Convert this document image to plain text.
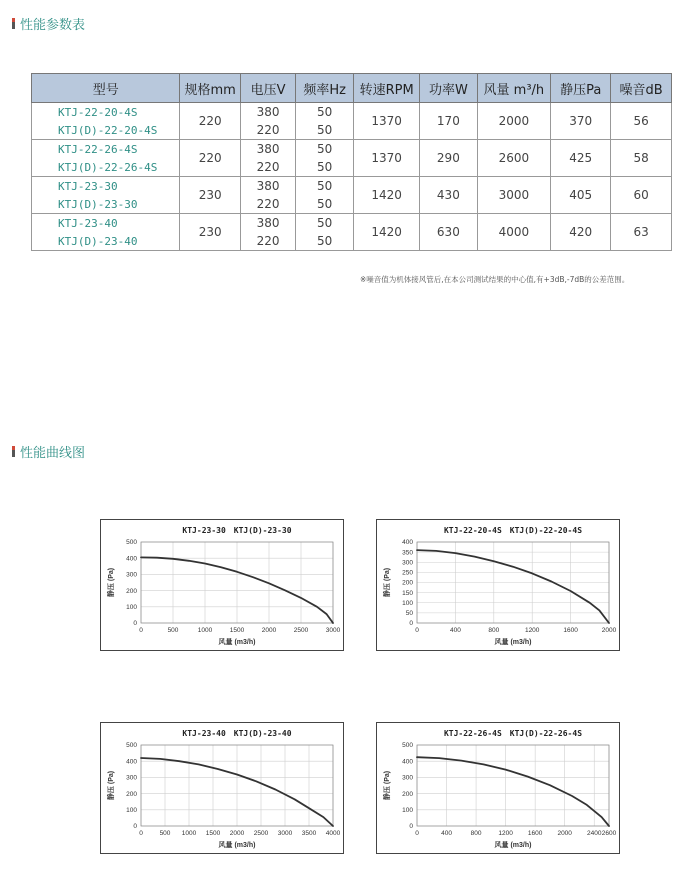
性能参数表
型号	规格mm	电压V	频率Hz	转速RPM	功率W	风量 m³/h	静压Pa	噪音dB
KTJ-22-20-4S	220	380	50	1370	170	2000	370	56
KTJ(D)-22-20-4S		220	50					
KTJ-22-26-4S	220	380	50	1370	290	2600	425	58
KTJ(D)-22-26-4S		220	50					
KTJ-23-30	230	380	50	1420	430	3000	405	60
KTJ(D)-23-30		220	50					
KTJ-23-40	230	380	50	1420	630	4000	420	63
KTJ(D)-23-40		220	50					
※噪音值为机体接风管后,在本公司测试结果的中心值,有+3dB,-7dB的公差范围。
性能曲线图
KTJ-23-30　KTJ(D)-23-30
0
100
200
300
400
500
0	500	1000	1500	2000	2500	3000
风量 (m3/h)
静压 (Pa)
KTJ-22-20-4S　KTJ(D)-22-20-4S
0
50
100
150
200
250
300
350
400
0	400	800	1200	1600	2000
风量 (m3/h)
静压 (Pa)
KTJ-23-40　KTJ(D)-23-40
0
100
200
300
400
500
0	500 1000 1500 2000 2500 3000 3500 4000
风量 (m3/h)
静压 (Pa)
KTJ-22-26-4S　KTJ(D)-22-26-4S
0
100
200
300
400
500
0	400	800	1200 1600 2000 2400 2600
风量 (m3/h)
静压 (Pa)
